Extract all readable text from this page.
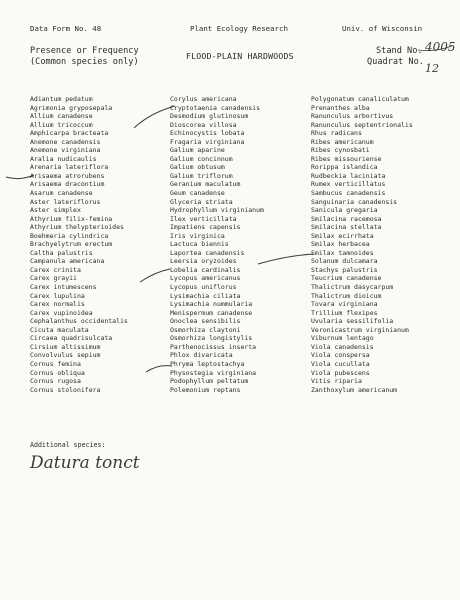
Data Form No. 48	Plant Ecology Research	Univ. of Wisconsin
Presence or Frequency
(Common species only)
FLOOD-PLAIN HARDWOODS	Stand No.
Quadrat No.
4005
12
Adiantum pedatum
Agrimonia gryposepala
Allium canadense
Allium tricoccum
Amphicarpa bracteata
Anemone canadensis
Anemone virginiana
Aralia nudicaulis
Arenaria lateriflora
Arisaema atrorubens
Arisaema dracontium
Asarum canadense
Aster lateriflorus
Aster simplex
Athyrium filix-femina
Athyrium thelypterioides
Boehmeria cylindrica
Brachyelytrum erectum
Caltha palustris
Campanula americana
Carex crinita
Carex grayii
Carex intumescens
Carex lupulina
Carex normalis
Carex vupinoidea
Cephalanthus occidentalis
Cicuta maculata
Circaea quadrisulcata
Cirsium altissimum
Convolvulus sepium
Cornus femina
Cornus obliqua
Cornus rugosa
Cornus stolonifera
Corylus americana
Cryptotaenia canadensis
Desmodium glutinosum
Dioscorea villosa
Echinocystis lobata
Fragaria virginiana
Galium aparine
Galium concinnum
Galium obtusum
Galium triflorum
Geranium maculatum
Geum canadense
Glyceria striata
Hydrophyllum virginianum
Ilex verticillata
Impatiens capensis
Iris virginica
Lactuca biennis
Laportea canadensis
Leersia oryzoides
Lobelia cardinalis
Lycopus americanus
Lycopus uniflorus
Lysimachia ciliata
Lysimachia nummularia
Menispermum canadense
Onoclea sensibilis
Osmorhiza claytoni
Osmorhiza longistylis
Parthenocissus inserta
Phlox divaricata
Phryma leptostachya
Physostegia virginiana
Podophyllum peltatum
Polemonium reptans
Polygonatum canaliculatum
Prenanthes alba
Ranunculus arbortivus
Ranunculus septentrionalis
Rhus radicans
Ribes americanum
Ribes cynosbati
Ribes missouriense
Rorippa islandica
Rudbeckia laciniata
Rumex verticillatus
Sambucus canadensis
Sanguinaria canadensis
Sanicula gregaria
Smilacina racemosa
Smilacina stellata
Smilax ecirrhata
Smilax herbacea
Smilax tamnoides
Solanum dulcamara
Stachys palustris
Teucrium canadense
Thalictrum dasycarpum
Thalictrum dioicum
Tovara virginiana
Trillium flexipes
Uvularia sessilifolia
Veronicastrum virginianum
Viburnum lentago
Viola canadensis
Viola conspersa
Viola cucullata
Viola pubescens
Vitis riparia
Zanthoxylum americanum
Additional species:
Datura tonct
